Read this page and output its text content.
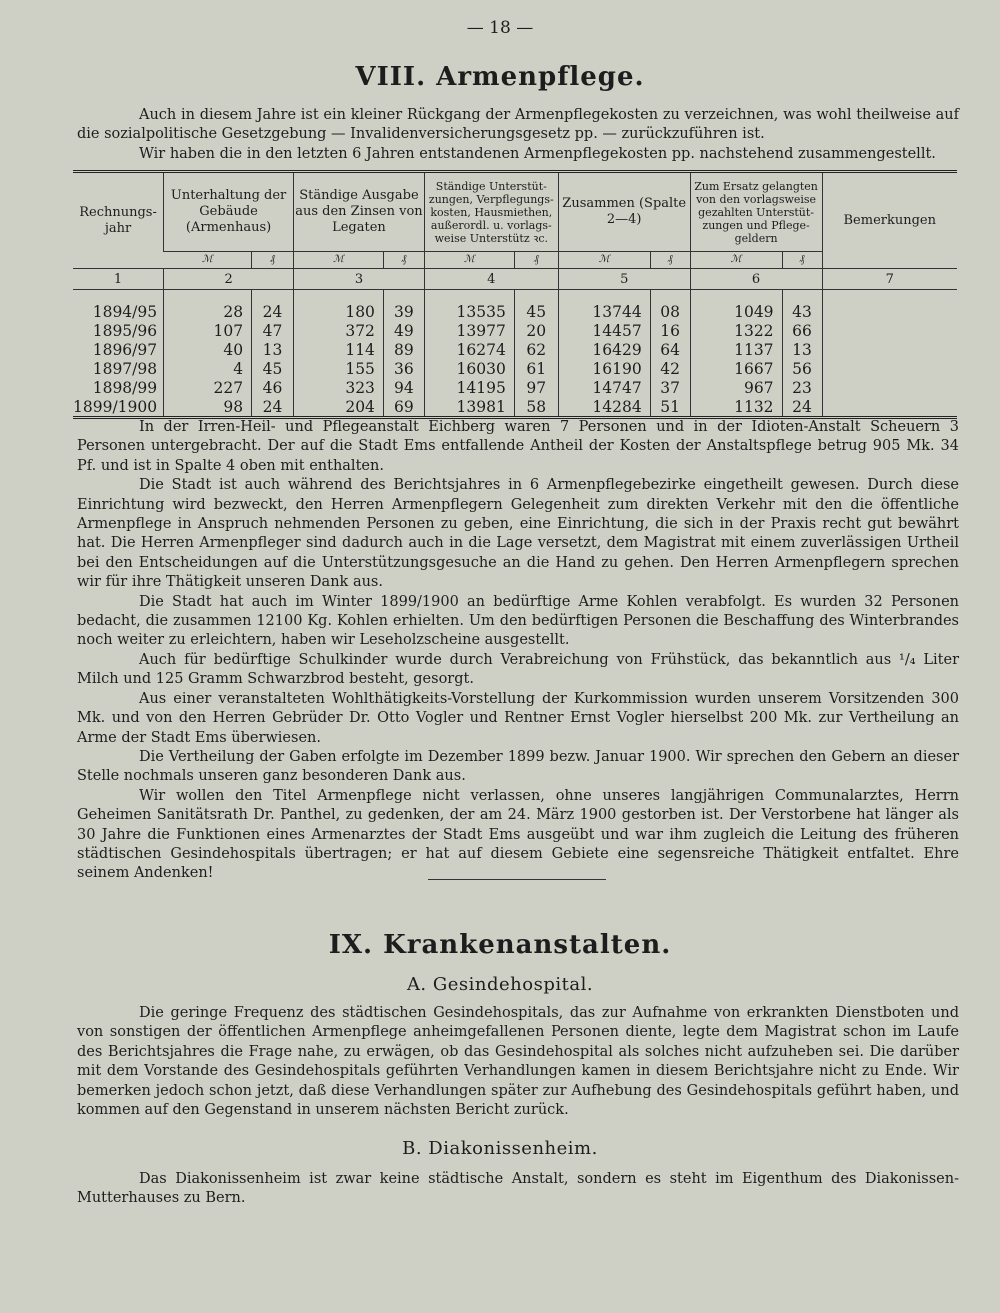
— 18 —
VIII. Armenpflege.

Auch in diesem Jahre ist ein kleiner Rückgang der Armenpflegekosten zu verzeichnen, was wohl theilweise auf die sozialpolitische Gesetzgebung — Invalidenversicherungsgesetz pp. — zurückzuführen ist.

Wir haben die in den letzten 6 Jahren entstandenen Armenpflegekosten pp. nachstehend zusammengestellt.

Rechnungs-jahr	Unterhaltung der Gebäude (Armenhaus)		Ständige Ausgabe aus den Zinsen von Legaten		Ständige Unterstüt-zungen, Verpflegungs-kosten, Hausmiethen, außerordl. u. vorlags-weise Unterstütz ꝛc.		Zusammen (Spalte 2—4)		Zum Ersatz gelangten von den vorlagsweise gezahlten Unterstüt-zungen und Pflege-geldern		Bemerkungen
	ℳ	₰	ℳ	₰	ℳ	₰	ℳ	₰	ℳ	₰	
1	2		3		4		5		6		7

1894/95	28	24	180	39	13535	45	13744	08	1049	43	
1895/96	107	47	372	49	13977	20	14457	16	1322	66	
1896/97	40	13	114	89	16274	62	16429	64	1137	13	
1897/98	4	45	155	36	16030	61	16190	42	1667	56	
1898/99	227	46	323	94	14195	97	14747	37	967	23	
1899/1900	98	24	204	69	13981	58	14284	51	1132	24	

In der Irren-Heil- und Pflegeanstalt Eichberg waren 7 Personen und in der Idioten-Anstalt Scheuern 3 Personen untergebracht. Der auf die Stadt Ems entfallende Antheil der Kosten der Anstaltspflege betrug 905 Mk. 34 Pf. und ist in Spalte 4 oben mit enthalten.

Die Stadt ist auch während des Berichtsjahres in 6 Armenpflegebezirke eingetheilt gewesen. Durch diese Einrichtung wird bezweckt, den Herren Armenpflegern Gelegenheit zum direkten Verkehr mit den die öffentliche Armenpflege in Anspruch nehmenden Personen zu geben, eine Einrichtung, die sich in der Praxis recht gut bewährt hat. Die Herren Armenpfleger sind dadurch auch in die Lage versetzt, dem Magistrat mit einem zuverlässigen Urtheil bei den Entscheidungen auf die Unterstützungsgesuche an die Hand zu gehen. Den Herren Armenpflegern sprechen wir für ihre Thätigkeit unseren Dank aus.

Die Stadt hat auch im Winter 1899/1900 an bedürftige Arme Kohlen verabfolgt. Es wurden 32 Personen bedacht, die zusammen 12100 Kg. Kohlen erhielten. Um den bedürftigen Personen die Beschaffung des Winterbrandes noch weiter zu erleichtern, haben wir Leseholzscheine ausgestellt.

Auch für bedürftige Schulkinder wurde durch Verabreichung von Frühstück, das bekanntlich aus ¹/₄ Liter Milch und 125 Gramm Schwarzbrod besteht, gesorgt.

Aus einer veranstalteten Wohlthätigkeits-Vorstellung der Kurkommission wurden unserem Vorsitzenden 300 Mk. und von den Herren Gebrüder Dr. Otto Vogler und Rentner Ernst Vogler hierselbst 200 Mk. zur Vertheilung an Arme der Stadt Ems überwiesen.

Die Vertheilung der Gaben erfolgte im Dezember 1899 bezw. Januar 1900. Wir sprechen den Gebern an dieser Stelle nochmals unseren ganz besonderen Dank aus.

Wir wollen den Titel Armenpflege nicht verlassen, ohne unseres langjährigen Communalarztes, Herrn Geheimen Sanitätsrath Dr. Panthel, zu gedenken, der am 24. März 1900 gestorben ist. Der Verstorbene hat länger als 30 Jahre die Funktionen eines Armenarztes der Stadt Ems ausgeübt und war ihm zugleich die Leitung des früheren städtischen Gesindehospitals übertragen; er hat auf diesem Gebiete eine segensreiche Thätigkeit entfaltet. Ehre seinem Andenken!

IX. Krankenanstalten.
A. Gesindehospital.

Die geringe Frequenz des städtischen Gesindehospitals, das zur Aufnahme von erkrankten Dienstboten und von sonstigen der öffentlichen Armenpflege anheimgefallenen Personen diente, legte dem Magistrat schon im Laufe des Berichtsjahres die Frage nahe, zu erwägen, ob das Gesindehospital als solches nicht aufzuheben sei. Die darüber mit dem Vorstande des Gesindehospitals geführten Verhandlungen kamen in diesem Berichtsjahre nicht zu Ende. Wir bemerken jedoch schon jetzt, daß diese Verhandlungen später zur Aufhebung des Gesindehospitals geführt haben, und kommen auf den Gegenstand in unserem nächsten Bericht zurück.

B. Diakonissenheim.

Das Diakonissenheim ist zwar keine städtische Anstalt, sondern es steht im Eigenthum des Diakonissen-Mutterhauses zu Bern.
